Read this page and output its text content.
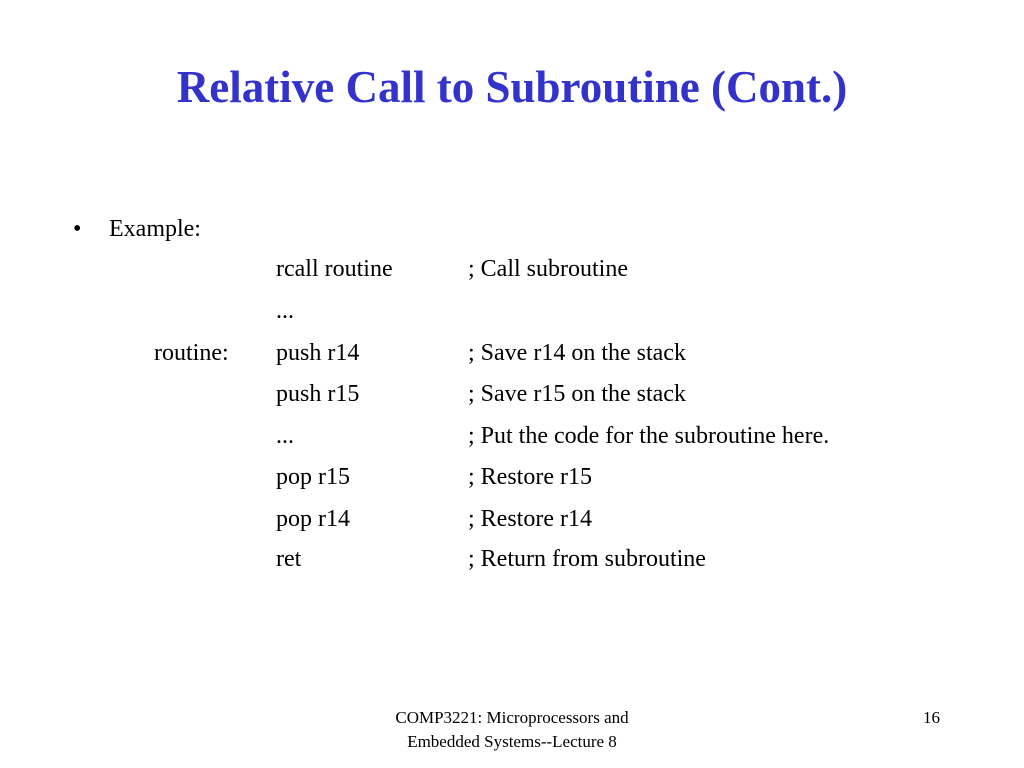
Relative Call to Subroutine (Cont.)
• Example:
rcall routine	; Call subroutine
...
routine: push r14	; Save r14 on the stack
push r15	; Save r15 on the stack
...	; Put the code for the subroutine here.
pop r15	; Restore r15
pop r14	; Restore r14
ret	; Return from subroutine
COMP3221: Microprocessors and
Embedded Systems--Lecture 8
16
